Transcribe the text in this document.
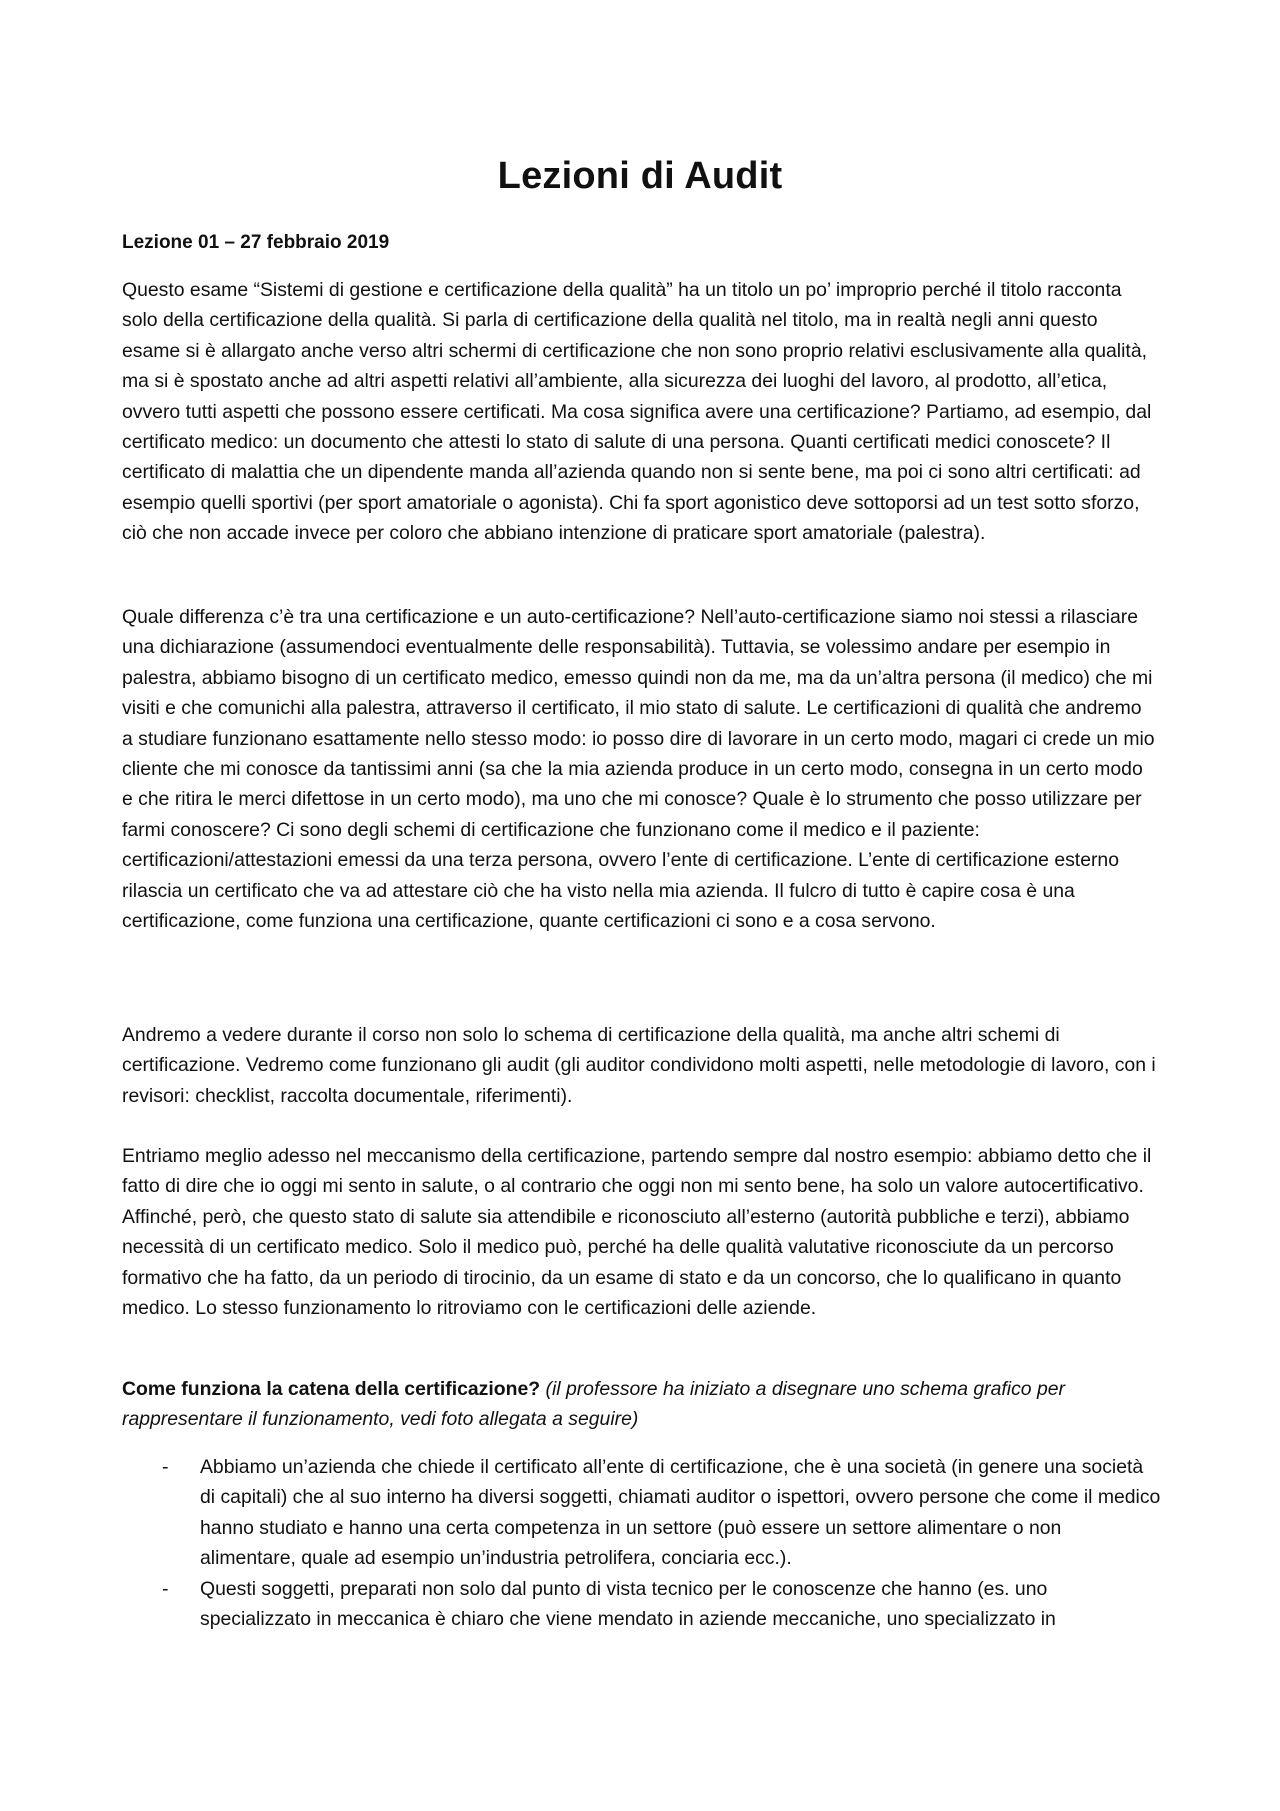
Lezioni di Audit

Lezione 01 – 27 febbraio 2019

Questo esame “Sistemi di gestione e certificazione della qualità” ha un titolo un po’ improprio perché il titolo racconta solo della certificazione della qualità. Si parla di certificazione della qualità nel titolo, ma in realtà negli anni questo esame si è allargato anche verso altri schermi di certificazione che non sono proprio relativi esclusivamente alla qualità, ma si è spostato anche ad altri aspetti relativi all’ambiente, alla sicurezza dei luoghi del lavoro, al prodotto, all’etica, ovvero tutti aspetti che possono essere certificati. Ma cosa significa avere una certificazione? Partiamo, ad esempio, dal certificato medico: un documento che attesti lo stato di salute di una persona. Quanti certificati medici conoscete? Il certificato di malattia che un dipendente manda all’azienda quando non si sente bene, ma poi ci sono altri certificati: ad esempio quelli sportivi (per sport amatoriale o agonista). Chi fa sport agonistico deve sottoporsi ad un test sotto sforzo, ciò che non accade invece per coloro che abbiano intenzione di praticare sport amatoriale (palestra).

Quale differenza c’è tra una certificazione e un auto-certificazione? Nell’auto-certificazione siamo noi stessi a rilasciare una dichiarazione (assumendoci eventualmente delle responsabilità). Tuttavia, se volessimo andare per esempio in palestra, abbiamo bisogno di un certificato medico, emesso quindi non da me, ma da un’altra persona (il medico) che mi visiti e che comunichi alla palestra, attraverso il certificato, il mio stato di salute. Le certificazioni di qualità che andremo a studiare funzionano esattamente nello stesso modo: io posso dire di lavorare in un certo modo, magari ci crede un mio cliente che mi conosce da tantissimi anni (sa che la mia azienda produce in un certo modo, consegna in un certo modo e che ritira le merci difettose in un certo modo), ma uno che mi conosce? Quale è lo strumento che posso utilizzare per farmi conoscere? Ci sono degli schemi di certificazione che funzionano come il medico e il paziente: certificazioni/attestazioni emessi da una terza persona, ovvero l’ente di certificazione. L’ente di certificazione esterno rilascia un certificato che va ad attestare ciò che ha visto nella mia azienda. Il fulcro di tutto è capire cosa è una certificazione, come funziona una certificazione, quante certificazioni ci sono e a cosa servono.

Andremo a vedere durante il corso non solo lo schema di certificazione della qualità, ma anche altri schemi di certificazione. Vedremo come funzionano gli audit (gli auditor condividono molti aspetti, nelle metodologie di lavoro, con i revisori: checklist, raccolta documentale, riferimenti).

Entriamo meglio adesso nel meccanismo della certificazione, partendo sempre dal nostro esempio: abbiamo detto che il fatto di dire che io oggi mi sento in salute, o al contrario che oggi non mi sento bene, ha solo un valore autocertificativo. Affinché, però, che questo stato di salute sia attendibile e riconosciuto all’esterno (autorità pubbliche e terzi), abbiamo necessità di un certificato medico. Solo il medico può, perché ha delle qualità valutative riconosciute da un percorso formativo che ha fatto, da un periodo di tirocinio, da un esame di stato e da un concorso, che lo qualificano in quanto medico. Lo stesso funzionamento lo ritroviamo con le certificazioni delle aziende.

Come funziona la catena della certificazione? (il professore ha iniziato a disegnare uno schema grafico per rappresentare il funzionamento, vedi foto allegata a seguire)

- Abbiamo un’azienda che chiede il certificato all’ente di certificazione, che è una società (in genere una società di capitali) che al suo interno ha diversi soggetti, chiamati auditor o ispettori, ovvero persone che come il medico hanno studiato e hanno una certa competenza in un settore (può essere un settore alimentare o non alimentare, quale ad esempio un’industria petrolifera, conciaria ecc.).
- Questi soggetti, preparati non solo dal punto di vista tecnico per le conoscenze che hanno (es. uno specializzato in meccanica è chiaro che viene mendato in aziende meccaniche, uno specializzato in
